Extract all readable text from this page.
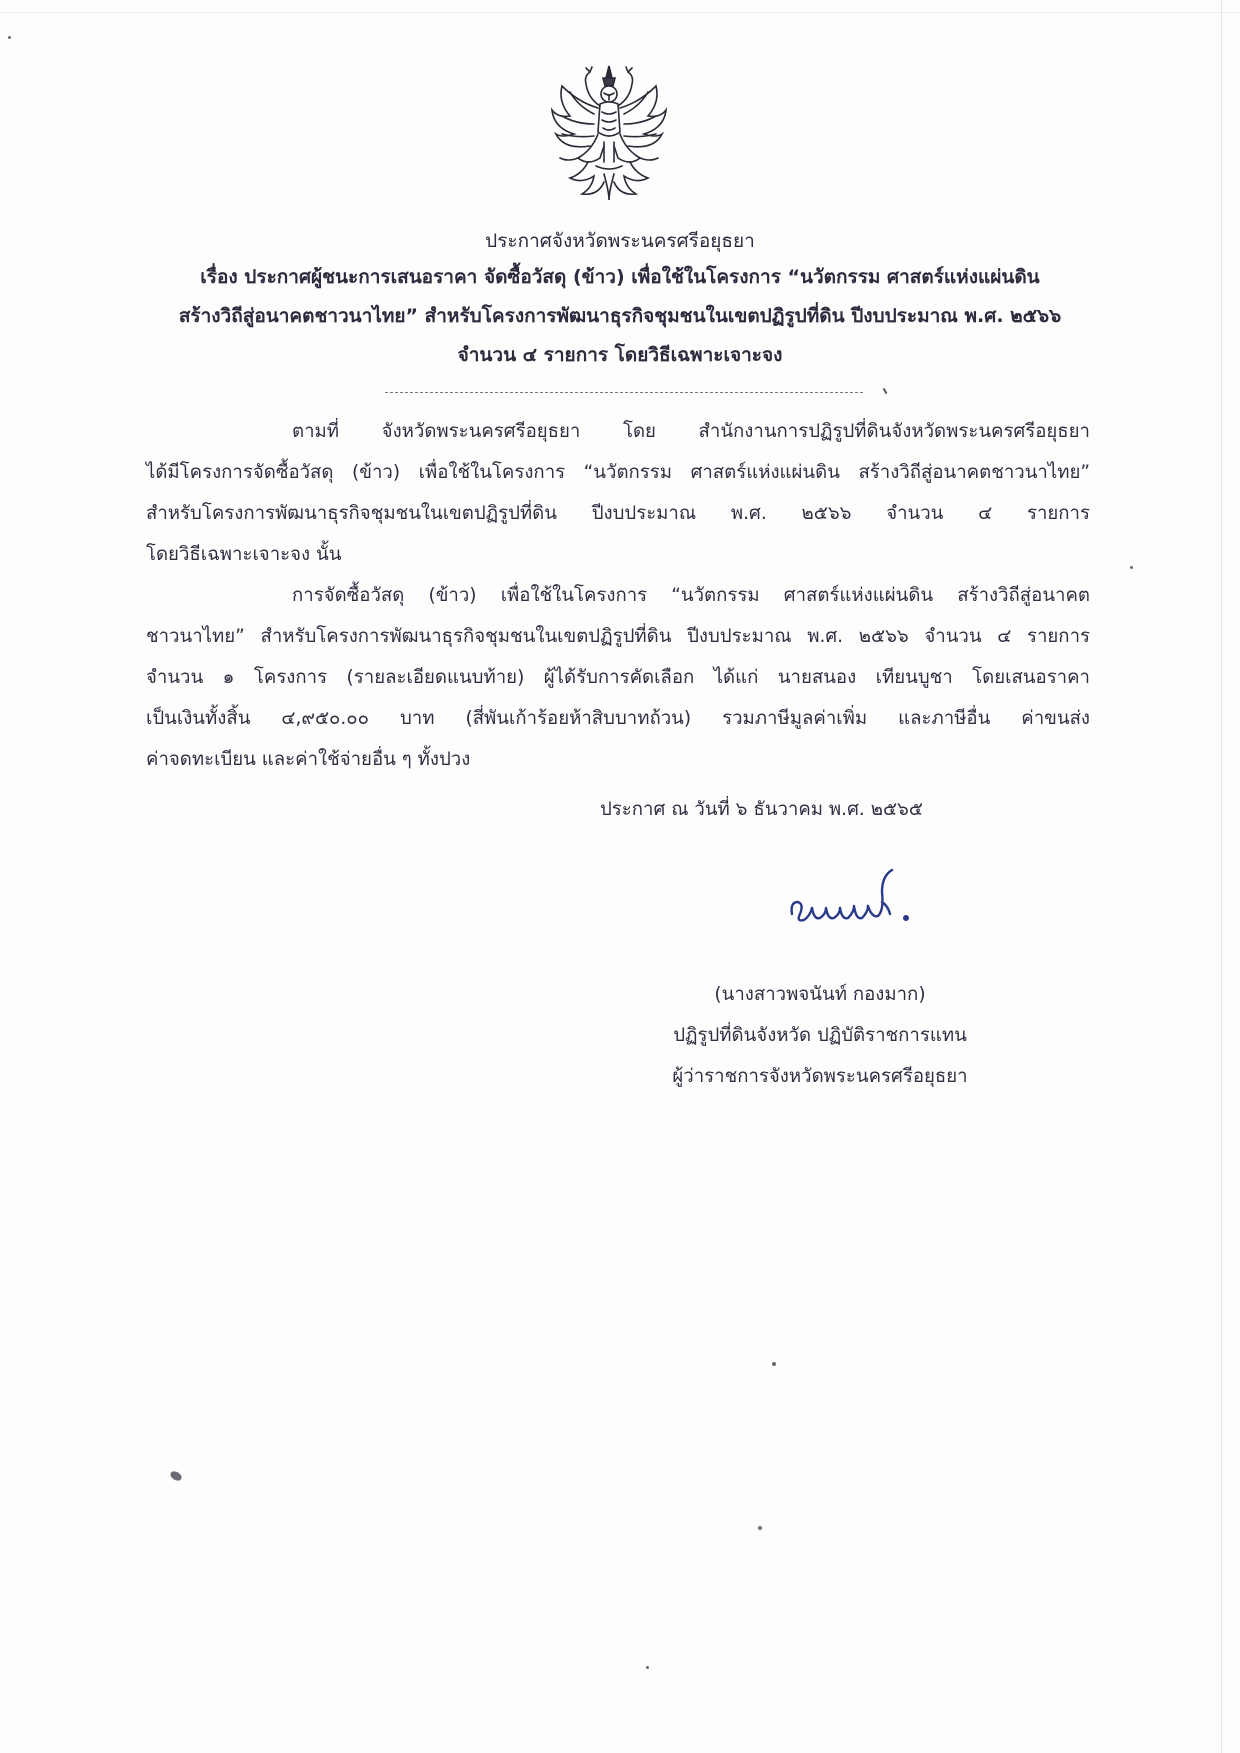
ประกาศจังหวัดพระนครศรีอยุธยา
เรื่อง ประกาศผู้ชนะการเสนอราคา จัดซื้อวัสดุ (ข้าว) เพื่อใช้ในโครงการ “นวัตกรรม ศาสตร์แห่งแผ่นดิน
สร้างวิถีสู่อนาคตชาวนาไทย” สำหรับโครงการพัฒนาธุรกิจชุมชนในเขตปฏิรูปที่ดิน ปีงบประมาณ พ.ศ. ๒๕๖๖
จำนวน ๔ รายการ โดยวิธีเฉพาะเจาะจง
ตามที่ จังหวัดพระนครศรีอยุธยา โดย สำนักงานการปฏิรูปที่ดินจังหวัดพระนครศรีอยุธยา
ได้มีโครงการจัดซื้อวัสดุ (ข้าว) เพื่อใช้ในโครงการ “นวัตกรรม ศาสตร์แห่งแผ่นดิน สร้างวิถีสู่อนาคตชาวนาไทย”
สำหรับโครงการพัฒนาธุรกิจชุมชนในเขตปฏิรูปที่ดิน ปีงบประมาณ พ.ศ. ๒๕๖๖ จำนวน ๔ รายการ
โดยวิธีเฉพาะเจาะจง นั้น
การจัดซื้อวัสดุ (ข้าว) เพื่อใช้ในโครงการ “นวัตกรรม ศาสตร์แห่งแผ่นดิน สร้างวิถีสู่อนาคต
ชาวนาไทย” สำหรับโครงการพัฒนาธุรกิจชุมชนในเขตปฏิรูปที่ดิน ปีงบประมาณ พ.ศ. ๒๕๖๖ จำนวน ๔ รายการ
จำนวน ๑ โครงการ (รายละเอียดแนบท้าย) ผู้ได้รับการคัดเลือก ได้แก่ นายสนอง เทียนบูชา โดยเสนอราคา
เป็นเงินทั้งสิ้น ๔,๙๕๐.๐๐ บาท (สี่พันเก้าร้อยห้าสิบบาทถ้วน) รวมภาษีมูลค่าเพิ่ม และภาษีอื่น ค่าขนส่ง
ค่าจดทะเบียน และค่าใช้จ่ายอื่น ๆ ทั้งปวง
ประกาศ ณ วันที่ ๖ ธันวาคม พ.ศ. ๒๕๖๕
(นางสาวพจนันท์ กองมาก)
ปฏิรูปที่ดินจังหวัด ปฏิบัติราชการแทน
ผู้ว่าราชการจังหวัดพระนครศรีอยุธยา
